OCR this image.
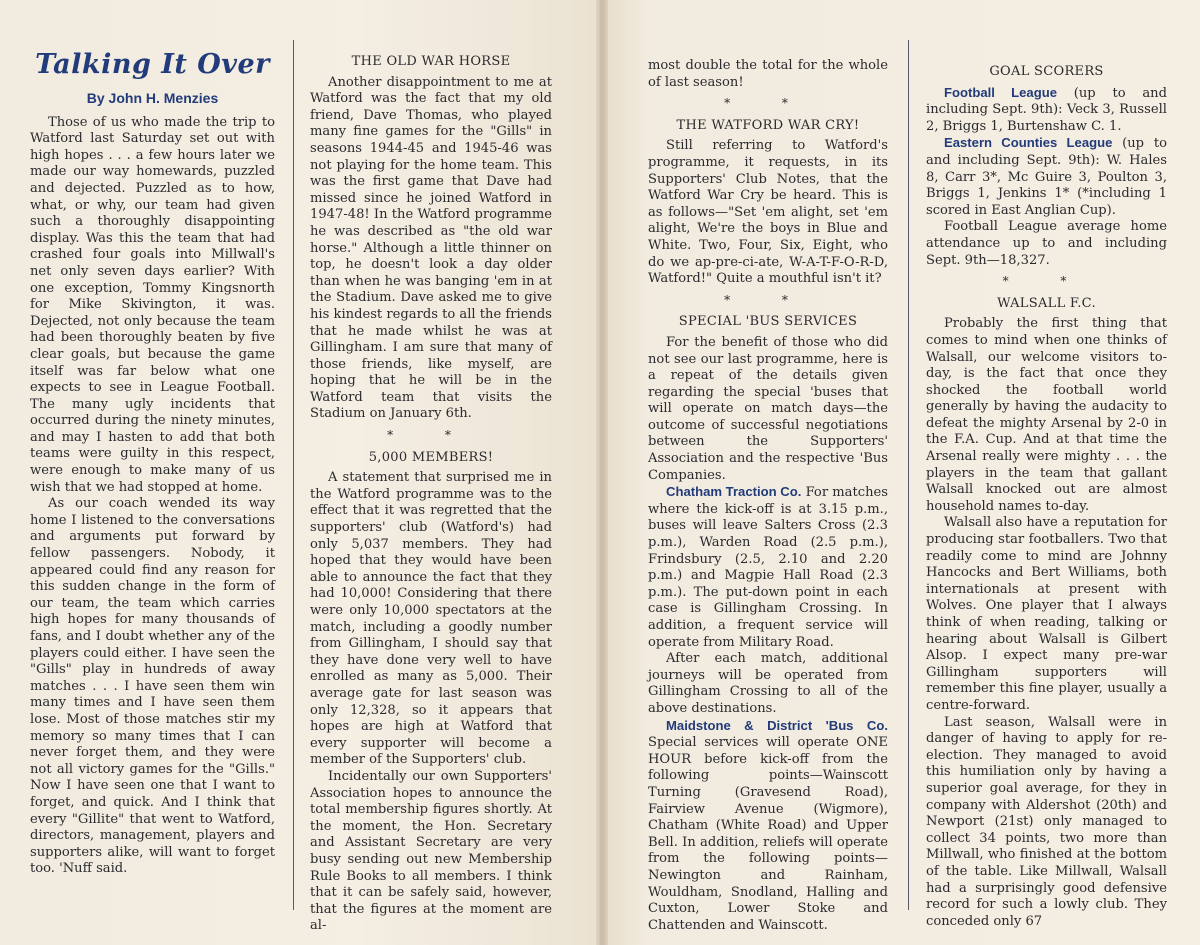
Talking It Over
By John H. Menzies

Those of us who made the trip to Watford last Saturday set out with high hopes . . . a few hours later we made our way homewards, puzzled and dejected. Puzzled as to how, what, or why, our team had given such a thoroughly disappointing display. Was this the team that had crashed four goals into Millwall's net only seven days earlier? With one exception, Tommy Kingsnorth for Mike Skivington, it was. Dejected, not only because the team had been thoroughly beaten by five clear goals, but because the game itself was far below what one expects to see in League Football. The many ugly incidents that occurred during the ninety minutes, and may I hasten to add that both teams were guilty in this respect, were enough to make many of us wish that we had stopped at home.

As our coach wended its way home I listened to the conversations and arguments put forward by fellow passengers. Nobody, it appeared could find any reason for this sudden change in the form of our team, the team which carries high hopes for many thousands of fans, and I doubt whether any of the players could either. I have seen the "Gills" play in hundreds of away matches . . . I have seen them win many times and I have seen them lose. Most of those matches stir my memory so many times that I can never forget them, and they were not all victory games for the "Gills." Now I have seen one that I want to forget, and quick. And I think that every "Gillite" that went to Watford, directors, management, players and supporters alike, will want to forget too. 'Nuff said.

THE OLD WAR HORSE

Another disappointment to me at Watford was the fact that my old friend, Dave Thomas, who played many fine games for the "Gills" in seasons 1944-45 and 1945-46 was not playing for the home team. This was the first game that Dave had missed since he joined Watford in 1947-48! In the Watford programme he was described as "the old war horse." Although a little thinner on top, he doesn't look a day older than when he was banging 'em in at the Stadium. Dave asked me to give his kindest regards to all the friends that he made whilst he was at Gillingham. I am sure that many of those friends, like myself, are hoping that he will be in the Watford team that visits the Stadium on January 6th.

* *
5,000 MEMBERS!

A statement that surprised me in the Watford programme was to the effect that it was regretted that the supporters' club (Watford's) had only 5,037 members. They had hoped that they would have been able to announce the fact that they had 10,000! Considering that there were only 10,000 spectators at the match, including a goodly number from Gillingham, I should say that they have done very well to have enrolled as many as 5,000. Their average gate for last season was only 12,328, so it appears that hopes are high at Watford that every supporter will become a member of the Supporters' club.

Incidentally our own Supporters' Association hopes to announce the total membership figures shortly. At the moment, the Hon. Secretary and Assistant Secretary are very busy sending out new Membership Rule Books to all members. I think that it can be safely said, however, that the figures at the moment are al-

most double the total for the whole of last season!

* *
THE WATFORD WAR CRY!

Still referring to Watford's programme, it requests, in its Supporters' Club Notes, that the Watford War Cry be heard. This is as follows—"Set 'em alight, set 'em alight, We're the boys in Blue and White. Two, Four, Six, Eight, who do we ap-pre-ci-ate, W-A-T-F-O-R-D, Watford!" Quite a mouthful isn't it?

* *
SPECIAL 'BUS SERVICES

For the benefit of those who did not see our last programme, here is a repeat of the details given regarding the special 'buses that will operate on match days—the outcome of successful negotiations between the Supporters' Association and the respective 'Bus Companies.

Chatham Traction Co. For matches where the kick-off is at 3.15 p.m., buses will leave Salters Cross (2.3 p.m.), Warden Road (2.5 p.m.), Frindsbury (2.5, 2.10 and 2.20 p.m.) and Magpie Hall Road (2.3 p.m.). The put-down point in each case is Gillingham Crossing. In addition, a frequent service will operate from Military Road.

After each match, additional journeys will be operated from Gillingham Crossing to all of the above destinations.

Maidstone & District 'Bus Co. Special services will operate ONE HOUR before kick-off from the following points—Wainscott Turning (Gravesend Road), Fairview Avenue (Wigmore), Chatham (White Road) and Upper Bell. In addition, reliefs will operate from the following points—Newington and Rainham, Wouldham, Snodland, Halling and Cuxton, Lower Stoke and Chattenden and Wainscott.

GOAL SCORERS

Football League (up to and including Sept. 9th): Veck 3, Russell 2, Briggs 1, Burtenshaw C. 1.

Eastern Counties League (up to and including Sept. 9th): W. Hales 8, Carr 3*, Mc Guire 3, Poulton 3, Briggs 1, Jenkins 1* (*including 1 scored in East Anglian Cup).

Football League average home attendance up to and including Sept. 9th—18,327.

* *
WALSALL F.C.

Probably the first thing that comes to mind when one thinks of Walsall, our welcome visitors to-day, is the fact that once they shocked the football world generally by having the audacity to defeat the mighty Arsenal by 2-0 in the F.A. Cup. And at that time the Arsenal really were mighty . . . the players in the team that gallant Walsall knocked out are almost household names to-day.

Walsall also have a reputation for producing star footballers. Two that readily come to mind are Johnny Hancocks and Bert Williams, both internationals at present with Wolves. One player that I always think of when reading, talking or hearing about Walsall is Gilbert Alsop. I expect many pre-war Gillingham supporters will remember this fine player, usually a centre-forward.

Last season, Walsall were in danger of having to apply for re-election. They managed to avoid this humiliation only by having a superior goal average, for they in company with Aldershot (20th) and Newport (21st) only managed to collect 34 points, two more than Millwall, who finished at the bottom of the table. Like Millwall, Walsall had a surprisingly good defensive record for such a lowly club. They conceded only 67
